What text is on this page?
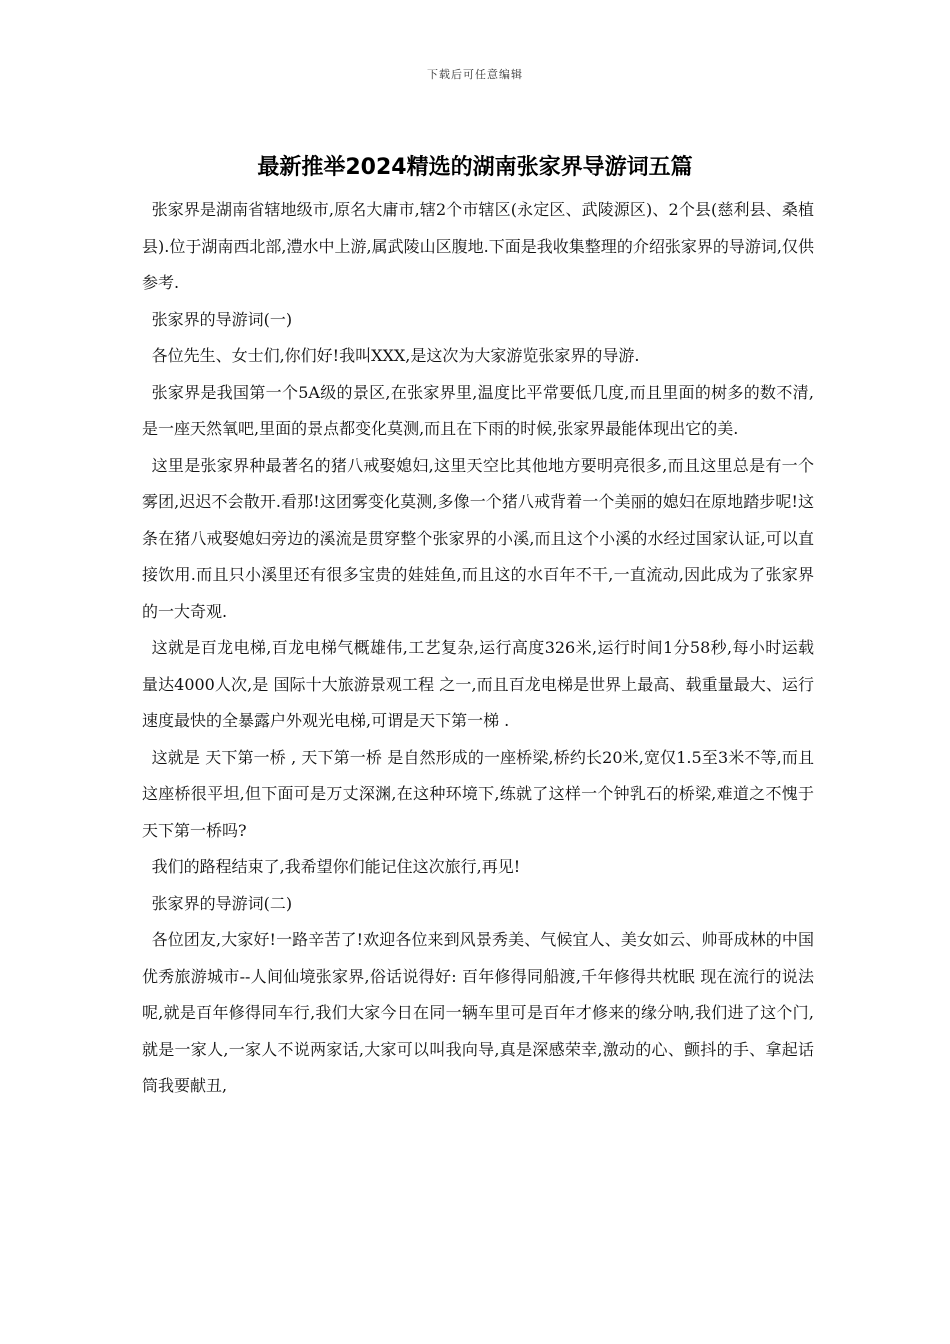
下载后可任意编辑
最新推举2024精选的湖南张家界导游词五篇

张家界是湖南省辖地级市,原名大庸市,辖2个市辖区(永定区、武陵源区)、2个县(慈利县、桑植县).位于湖南西北部,澧水中上游,属武陵山区腹地.下面是我收集整理的介绍张家界的导游词,仅供参考.

张家界的导游词(一)

各位先生、女士们,你们好!我叫XXX,是这次为大家游览张家界的导游.

张家界是我国第一个5A级的景区,在张家界里,温度比平常要低几度,而且里面的树多的数不清,是一座天然氧吧,里面的景点都变化莫测,而且在下雨的时候,张家界最能体现出它的美.

这里是张家界种最著名的猪八戒娶媳妇,这里天空比其他地方要明亮很多,而且这里总是有一个雾团,迟迟不会散开.看那!这团雾变化莫测,多像一个猪八戒背着一个美丽的媳妇在原地踏步呢!这条在猪八戒娶媳妇旁边的溪流是贯穿整个张家界的小溪,而且这个小溪的水经过国家认证,可以直接饮用.而且只小溪里还有很多宝贵的娃娃鱼,而且这的水百年不干,一直流动,因此成为了张家界的一大奇观.

这就是百龙电梯,百龙电梯气概雄伟,工艺复杂,运行高度326米,运行时间1分58秒,每小时运载量达4000人次,是 国际十大旅游景观工程 之一,而且百龙电梯是世界上最高、载重量最大、运行速度最快的全暴露户外观光电梯,可谓是天下第一梯 .

这就是 天下第一桥 , 天下第一桥 是自然形成的一座桥梁,桥约长20米,宽仅1.5至3米不等,而且这座桥很平坦,但下面可是万丈深渊,在这种环境下,练就了这样一个钟乳石的桥梁,难道之不愧于天下第一桥吗?

我们的路程结束了,我希望你们能记住这次旅行,再见!

张家界的导游词(二)

各位团友,大家好!一路辛苦了!欢迎各位来到风景秀美、气候宜人、美女如云、帅哥成林的中国优秀旅游城市--人间仙境张家界,俗话说得好: 百年修得同船渡,千年修得共枕眠 现在流行的说法呢,就是百年修得同车行,我们大家今日在同一辆车里可是百年才修来的缘分呐,我们进了这个门,就是一家人,一家人不说两家话,大家可以叫我向导,真是深感荣幸,激动的心、颤抖的手、拿起话筒我要献丑,
